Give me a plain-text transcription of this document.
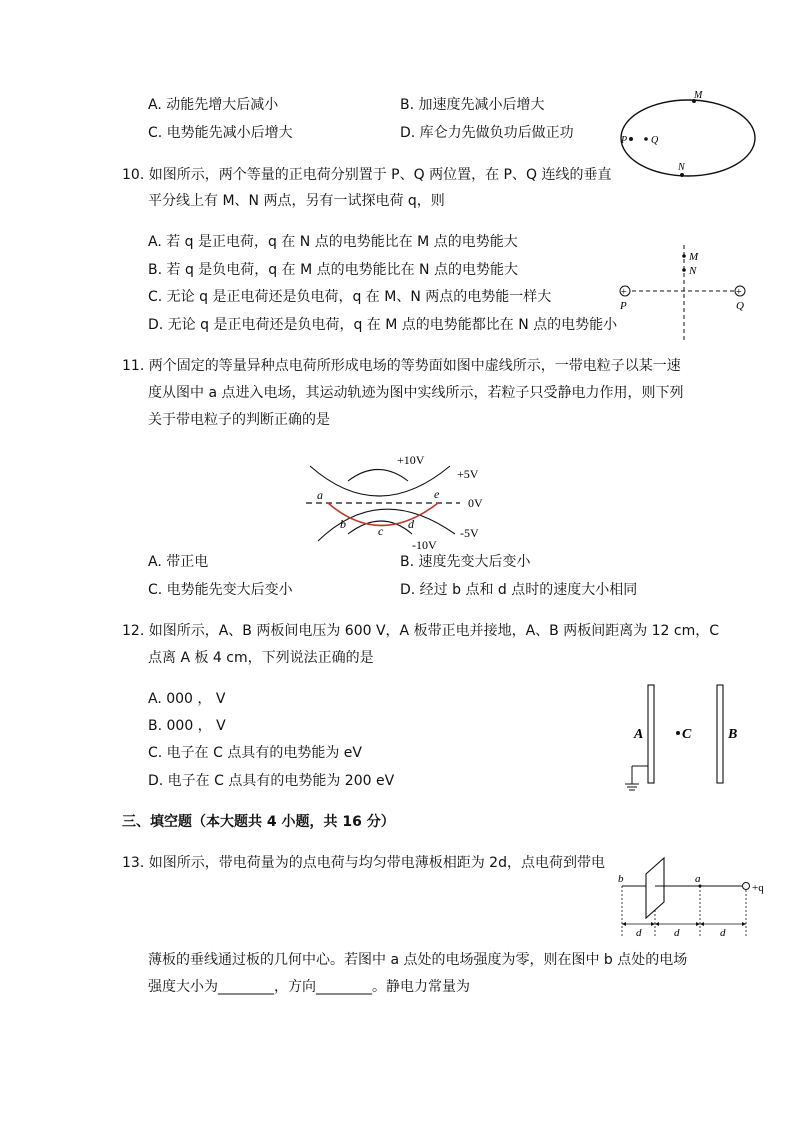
A. 动能先增大后减小	B. 加速度先减小后增大
C. 电势能先减小后增大	D. 库仑力先做负功后做正功
M
P Q
N
10. 如图所示，两个等量的正电荷分别置于 P、Q 两位置，在 P、Q 连线的垂直
平分线上有 M、N 两点，另有一试探电荷 q，则
A. 若 q 是正电荷，q 在 N 点的电势能比在 M 点的电势能大
B. 若 q 是负电荷，q 在 M 点的电势能比在 N 点的电势能大
C. 无论 q 是正电荷还是负电荷，q 在 M、N 两点的电势能一样大
D. 无论 q 是正电荷还是负电荷，q 在 M 点的电势能都比在 N 点的电势能小
+	+
P	Q
M
N
11. 两个固定的等量异种点电荷所形成电场的等势面如图中虚线所示，一带电粒子以某一速
度从图中 a 点进入电场，其运动轨迹为图中实线所示，若粒子只受静电力作用，则下列
关于带电粒子的判断正确的是
+10V
+5V
0V
-5V
-10V
a	e
b	c d
A. 带正电	B. 速度先变大后变小
C. 电势能先变大后变小	D. 经过 b 点和 d 点时的速度大小相同
12. 如图所示，A、B 两板间电压为 600 V，A 板带正电并接地，A、B 两板间距离为 12 cm，C
点离 A 板 4 cm，下列说法正确的是
A. 000 ， V
B. 000 ， V
C. 电子在 C 点具有的电势能为 eV
D. 电子在 C 点具有的电势能为 200 eV
A	B
C
三、填空题（本大题共 4 小题，共 16 分）
13. 如图所示，带电荷量为的点电荷与均匀带电薄板相距为 2d，点电荷到带电
+q
b	a
d	d	d
薄板的垂线通过板的几何中心。若图中 a 点处的电场强度为零，则在图中 b 点处的电场
强度大小为________，方向________。静电力常量为
